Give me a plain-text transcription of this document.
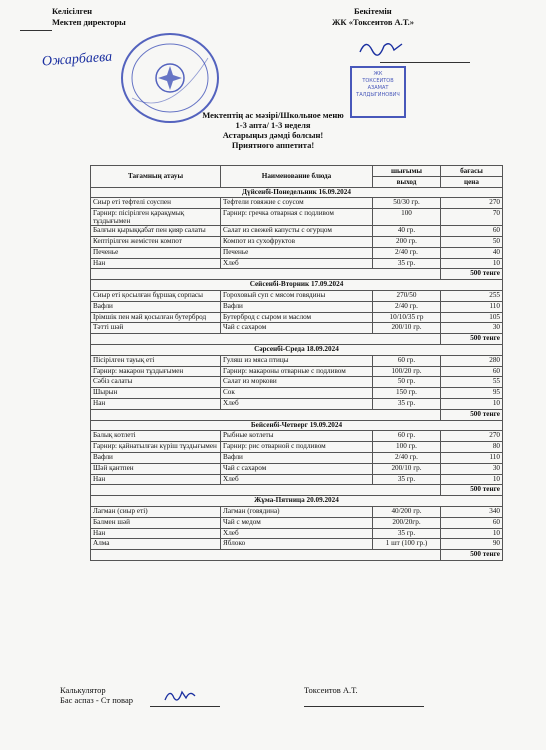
Келісілген
Мектеп директоры
Ожарбаева
Бекітемін
ЖК «Токсеитов А.Т.»
ЖК
ТОКСЕИТОВ
АЗАМАТ
ТАЛДЫГИНОВИЧ
Мектептің ас мәзірі/Школьное меню
1-3 апта/ 1-3 неделя
Астарыңыз дәмді болсын!
Приятного аппетита!
Тағамның атауы	Наименование блюда	шығымы	бағасы
		выход	цена
Дүйсенбі-Понедельник 16.09.2024			
Сиыр еті тефтелі соуспен	Тефтели говяжие с соусом	50/30 гр.	270
Гарнир: пісірілген қарақұмық тұздығымен	Гарнир: гречка отварная с подливом	100	70
Балғын қырыққабат пен қияр салаты	Салат из свежей капусты с огурцом	40 гр.	60
Кептірілген жемістен компот	Компот из сухофруктов	200 гр.	50
Печенье	Печенье	2/40 гр.	40
Нан	Хлеб	35 гр.	10
			500 тенге
Сейсенбі-Вторник 17.09.2024			
Сиыр еті қосылған бұршақ сорпасы	Гороховый суп с мясом говядины	270/50	255
Вафли	Вафли	2/40 гр.	110
Ірімшік пен май қосылған бутерброд	Бутерброд с сыром и маслом	10/10/35 гр	105
Тәтті шәй	Чай с сахаром	200/10 гр.	30
			500 тенге
Сәрсенбі-Среда 18.09.2024			
Пісірілген тауық еті	Гуляш из мяса птицы	60 гр.	280
Гарнир: макарон тұздығымен	Гарнир: макароны отварные с подливом	100/20 гр.	60
Сәбіз салаты	Салат из моркови	50 гр.	55
Шырын	Сок	150 гр.	95
Нан	Хлеб	35 гр.	10
			500 тенге
Бейсенбі-Четверг 19.09.2024			
Балық котлеті	Рыбные котлеты	60 гр.	270
Гарнир: қайнатылған күріш тұздығымен	Гарнир: рис отварной с подливом	100 гр.	80
Вафли	Вафли	2/40 гр.	110
Шәй қантпен	Чай с сахаром	200/10 гр.	30
Нан	Хлеб	35 гр.	10
			500 тенге
Жұма-Пятница 20.09.2024			
Лагман (сиыр еті)	Лагман (говядина)	40/200 гр.	340
Балмен шәй	Чай с медом	200/20гр.	60
Нан	Хлеб	35 гр.	10
Алма	Яблоко	1 шт (100 гр.)	90
			500 тенге
Калькулятор
Бас аспаз - Ст повар
Токсеитов А.Т.
